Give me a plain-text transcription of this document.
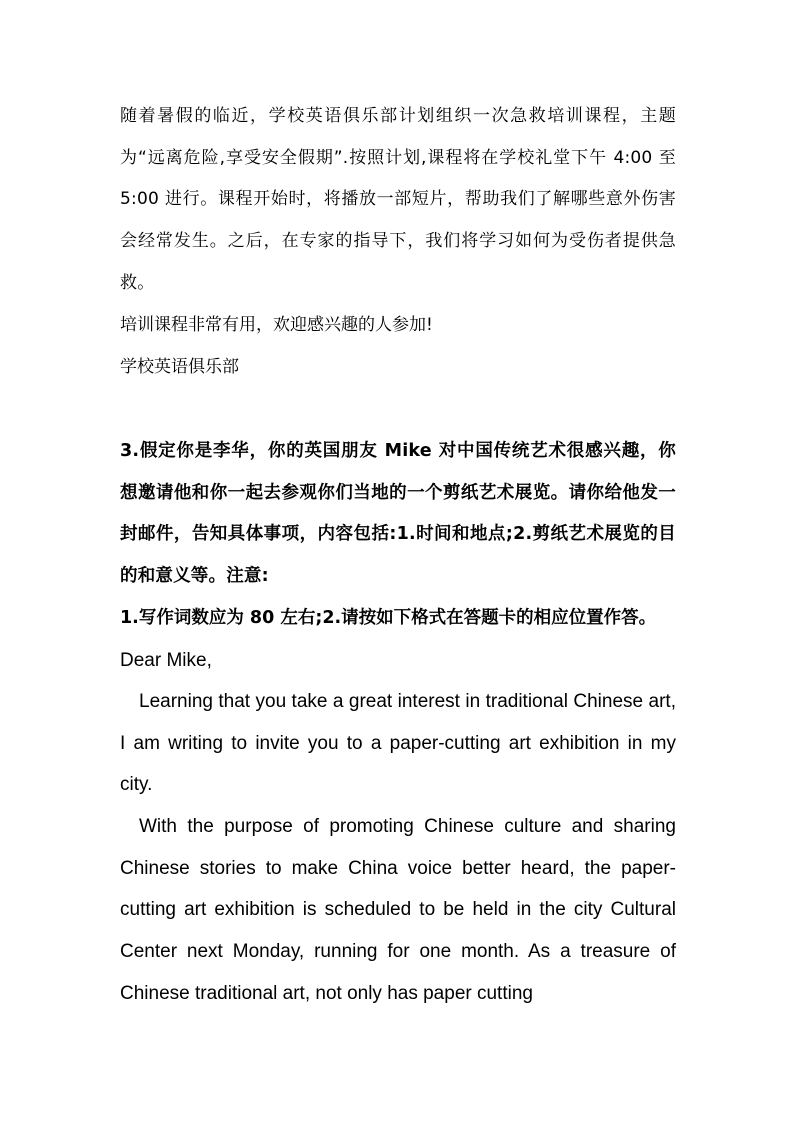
随着暑假的临近，学校英语俱乐部计划组织一次急救培训课程，主题为“远离危险,享受安全假期”.按照计划,课程将在学校礼堂下午 4:00 至 5:00 进行。课程开始时，将播放一部短片，帮助我们了解哪些意外伤害会经常发生。之后，在专家的指导下，我们将学习如何为受伤者提供急救。

培训课程非常有用，欢迎感兴趣的人参加!

学校英语俱乐部

3.假定你是李华，你的英国朋友 Mike 对中国传统艺术很感兴趣，你想邀请他和你一起去参观你们当地的一个剪纸艺术展览。请你给他发一封邮件，告知具体事项，内容包括:1.时间和地点;2.剪纸艺术展览的目的和意义等。注意:

1.写作词数应为 80 左右;2.请按如下格式在答题卡的相应位置作答。

Dear Mike,

Learning that you take a great interest in traditional Chinese art, I am writing to invite you to a paper-cutting art exhibition in my city.

With the purpose of promoting Chinese culture and sharing Chinese stories to make China voice better heard, the paper-cutting art exhibition is scheduled to be held in the city Cultural Center next Monday, running for one month. As a treasure of Chinese traditional art, not only has paper cutting
